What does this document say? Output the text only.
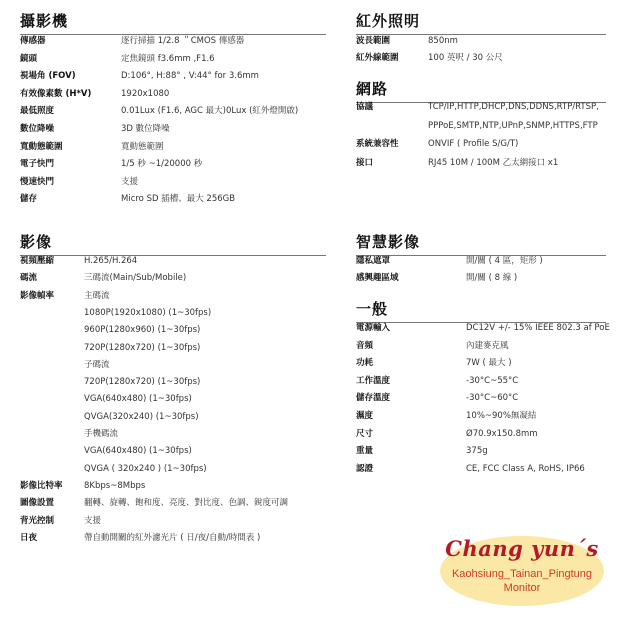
攝影機
傳感器	逐行掃描 1/2.8 ＂CMOS 傳感器
鏡頭	定焦鏡頭 f3.6mm ,F1.6
視場角 (FOV)	D:106°, H:88° , V:44° for 3.6mm
有效像素數 (H*V)	1920x1080
最低照度	0.01Lux (F1.6, AGC 最大)0Lux (紅外燈開啟)
數位降噪	3D 數位降噪
寬動態範圍	寬動態範圍
電子快門	1/5 秒 ~1/20000 秒
慢速快門	支援
儲存	Micro SD 插槽、最大 256GB
紅外照明
波長範圍	850nm
紅外線範圍	100 英呎 / 30 公尺
網路
協議	TCP/IP,HTTP,DHCP,DNS,DDNS,RTP/RTSP,
PPPoE,SMTP,NTP,UPnP,SNMP,HTTPS,FTP
系統兼容性	ONVIF ( Profile S/G/T)
接口	RJ45 10M / 100M 乙太網接口 x1
影像
視頻壓縮	H.265/H.264
碼流	三碼流(Main/Sub/Mobile)
影像幀率	主碼流
1080P(1920x1080) (1~30fps)
960P(1280x960) (1~30fps)
720P(1280x720) (1~30fps)
子碼流
720P(1280x720) (1~30fps)
VGA(640x480) (1~30fps)
QVGA(320x240) (1~30fps)
手機碼流
VGA(640x480) (1~30fps)
QVGA ( 320x240 ) (1~30fps)
影像比特率	8Kbps~8Mbps
圖像設置	翻轉、旋轉、飽和度、亮度、對比度、色調、銳度可調
背光控制	支援
日夜	帶自動開關的紅外濾光片 ( 日/夜/自動/時間表 )
智慧影像
隱私遮罩	開/關 ( 4 區，矩形 )
感興趣區域	開/關 ( 8 線 )
一般
電源輸入	DC12V +/- 15% IEEE 802.3 af PoE
音頻	內建麥克風
功耗	7W ( 最大 )
工作溫度	-30°C~55°C
儲存溫度	-30°C~60°C
濕度	10%~90%無凝結
尺寸	Ø70.9x150.8mm
重量	375g
認證	CE, FCC Class A, RoHS, IP66
Chang yun´s
Kaohsiung_Tainan_Pingtung
Monitor
